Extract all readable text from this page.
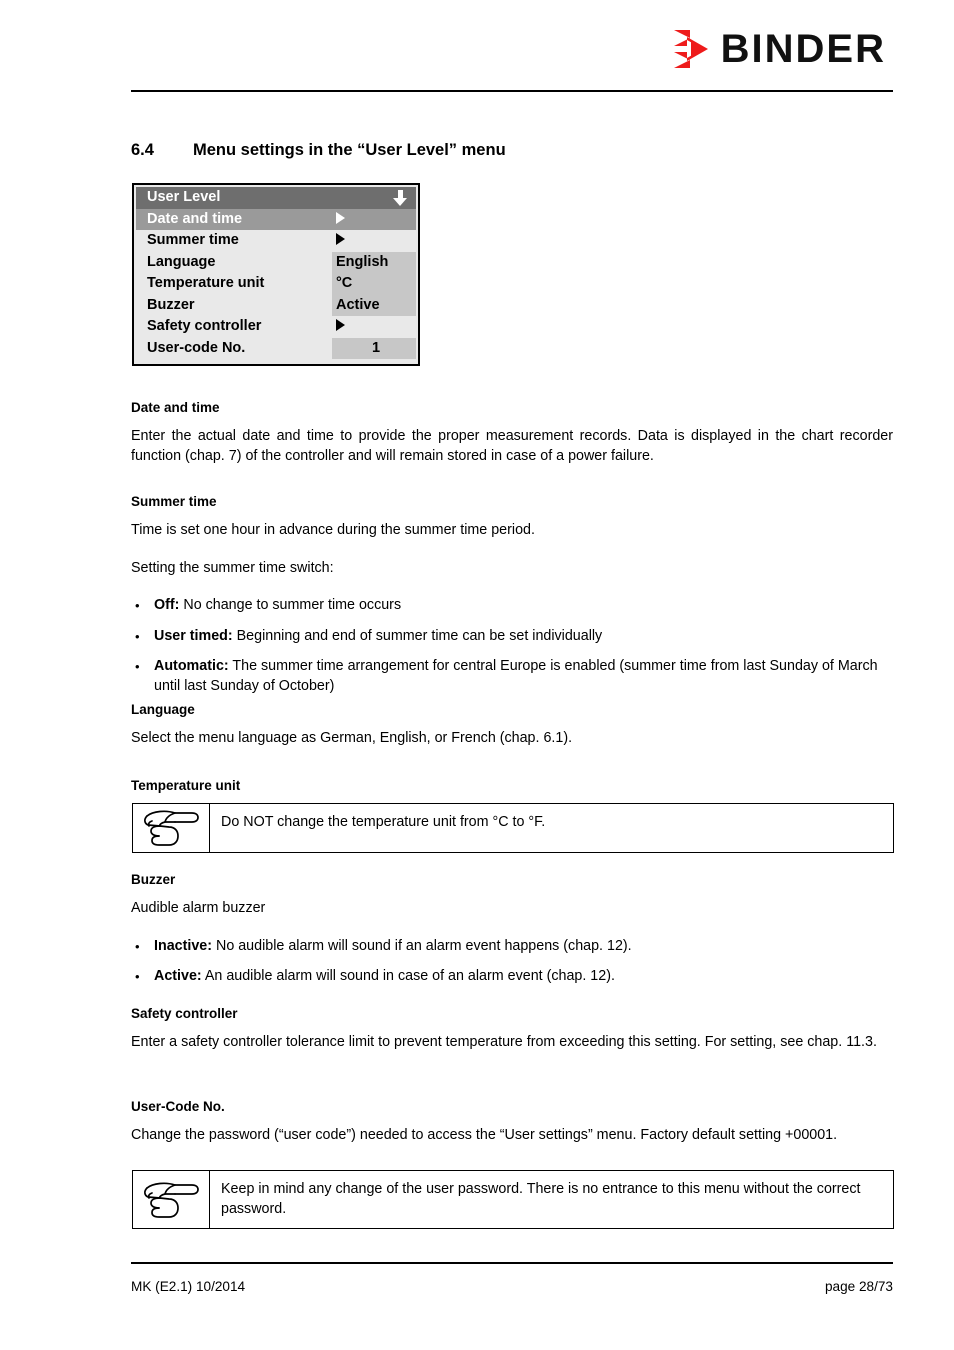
BINDER
6.4 Menu settings in the “User Level” menu
User Level
Date and time
Summer time
Language	English
Temperature unit	°C
Buzzer	Active
Safety controller
User-code No.	1
Date and time

Enter the actual date and time to provide the proper measurement records. Data is displayed in the chart recorder function (chap. 7) of the controller and will remain stored in case of a power failure.

Summer time

Time is set one hour in advance during the summer time period.

Setting the summer time switch:

• Off: No change to summer time occurs
• User timed: Beginning and end of summer time can be set individually
• Automatic: The summer time arrangement for central Europe is enabled (summer time from last Sunday of March until last Sunday of October)
Language

Select the menu language as German, English, or French (chap. 6.1).

Temperature unit
Do NOT change the temperature unit from °C to °F.
Buzzer

Audible alarm buzzer

• Inactive: No audible alarm will sound if an alarm event happens (chap. 12).
• Active: An audible alarm will sound in case of an alarm event (chap. 12).
Safety controller

Enter a safety controller tolerance limit to prevent temperature from exceeding this setting. For setting, see chap. 11.3.

User-Code No.

Change the password (“user code”) needed to access the “User settings” menu. Factory default setting +00001.

Keep in mind any change of the user password. There is no entrance to this menu without the correct password.
MK (E2.1) 10/2014	page 28/73
